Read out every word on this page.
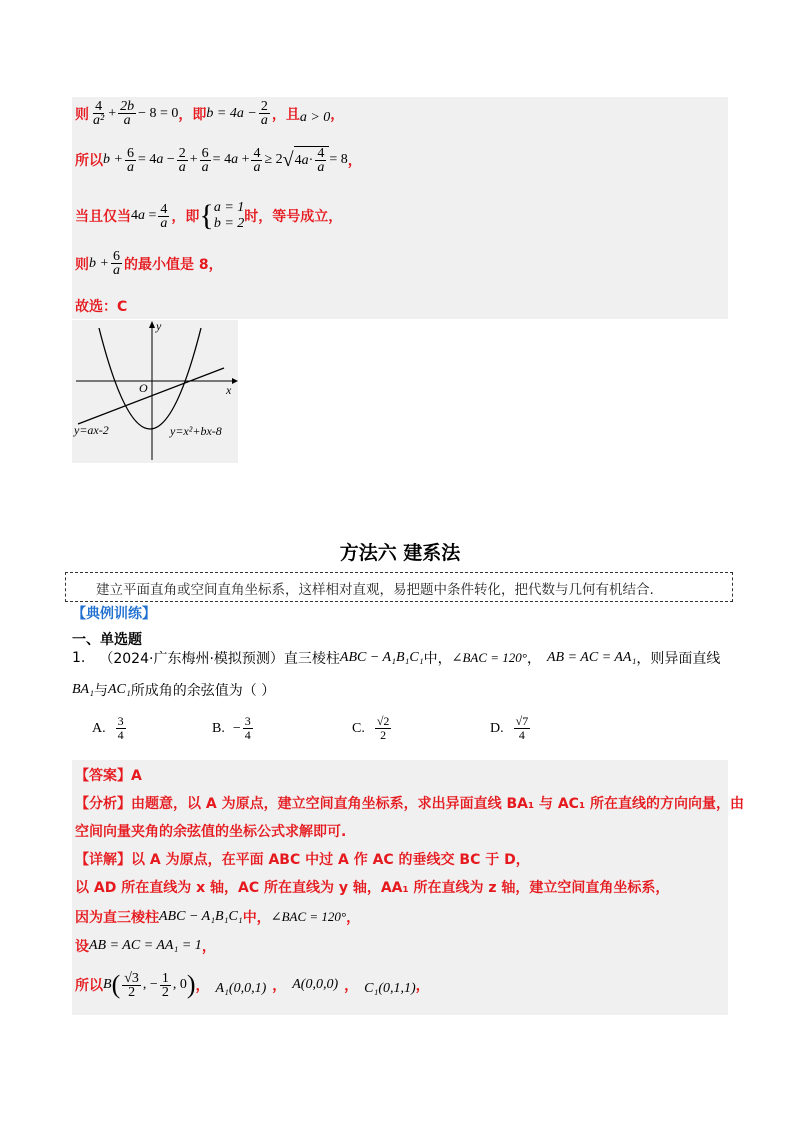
则 $\frac{4}{\text{a²}} + \frac{2b}{a} - 8 = 0$ ，即 $b = 4a - \frac{2}{a}$ ，且 a > 0 ，
所以 $b + \frac{6}{a} = 4a - \frac{2}{a} + \frac{6}{a} = 4a + \frac{4}{a} \ge 2$ √ $4a\cdot \frac{4}{a} = 8$ ，
当且仅当 $4a = \frac{4}{a}$ ，即 { a = 1
b = 2 时，等号成立，
则 $b + \frac{6}{a}$ 的最小值是 8，
故选：C
y
x
O
y=ax-2	y=x²+bx-8
方法六 建系法
建立平面直角或空间直角坐标系，这样相对直观，易把题中条件转化，把代数与几何有机结合.
【典例训练】
一、单选题
1. （2024·广东梅州·模拟预测）直三棱柱 ABC − A₁B₁C₁ 中， ∠BAC = 120° ， AB = AC = AA₁ ，则异面直线
BA₁ 与 AC₁ 所成角的余弦值为（ ）
A. $\frac{3}{4}$	B. − $\frac{3}{4}$	C. $\frac{√2}{2}$	D. $\frac{√7}{4}$
【答案】A
【分析】由题意，以 A 为原点，建立空间直角坐标系，求出异面直线 BA₁ 与 AC₁ 所在直线的方向向量，由
空间向量夹角的余弦值的坐标公式求解即可.
【详解】以 A 为原点，在平面 ABC 中过 A 作 AC 的垂线交 BC 于 D，
以 AD 所在直线为 x 轴，AC 所在直线为 y 轴，AA₁ 所在直线为 z 轴，建立空间直角坐标系，
因为直三棱柱 ABC − A₁B₁C₁ 中， ∠BAC = 120° ，
设 AB = AC = AA₁ = 1 ，
所以 B ( $\frac{√3}{2}$ , − $\frac{1}{2}$ , 0 ) ， A₁(0,0,1) ， A(0,0,0) ， C₁(0,1,1) ，
